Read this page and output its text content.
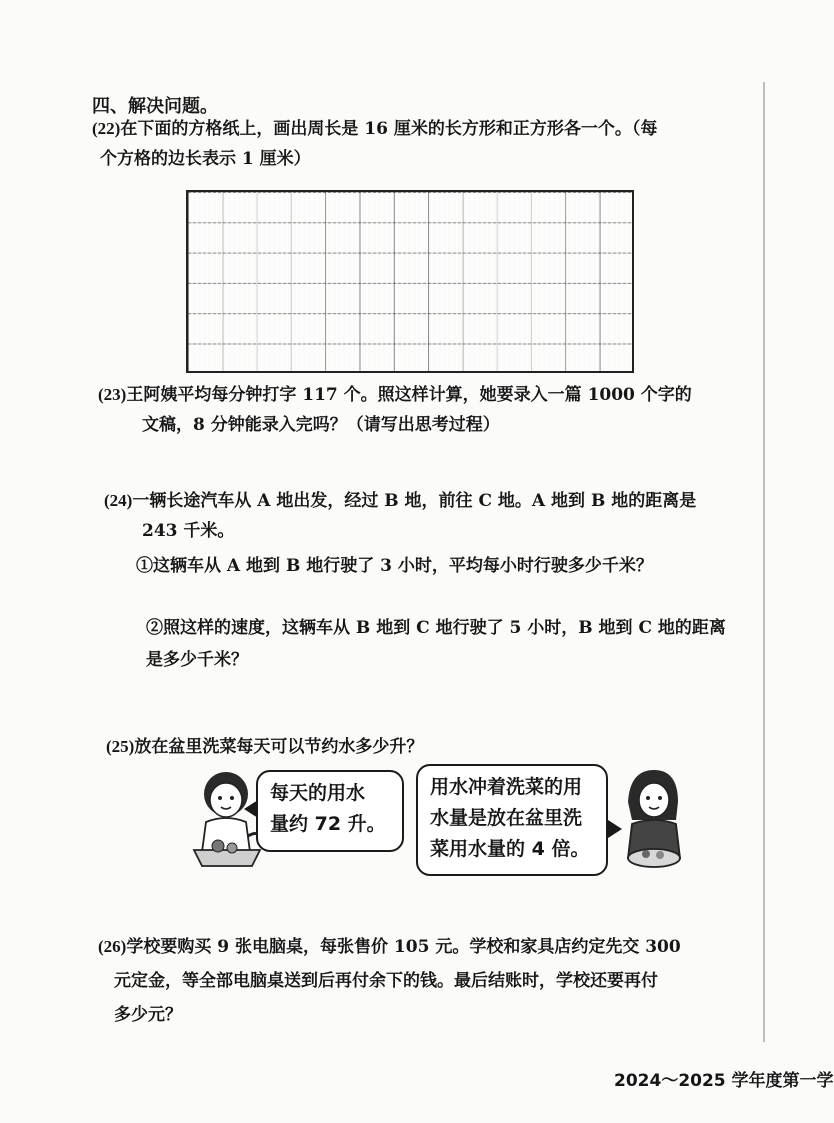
四、解决问题。
(22)在下面的方格纸上，画出周长是 16 厘米的长方形和正方形各一个。（每
个方格的边长表示 1 厘米）
(23)王阿姨平均每分钟打字 117 个。照这样计算，她要录入一篇 1000 个字的
文稿，8 分钟能录入完吗？（请写出思考过程）
(24)一辆长途汽车从 A 地出发，经过 B 地，前往 C 地。A 地到 B 地的距离是
243 千米。
①这辆车从 A 地到 B 地行驶了 3 小时，平均每小时行驶多少千米？
②照这样的速度，这辆车从 B 地到 C 地行驶了 5 小时，B 地到 C 地的距离
是多少千米？
(25)放在盆里洗菜每天可以节约水多少升？
每天的用水
量约 72 升。
用水冲着洗菜的用
水量是放在盆里洗
菜用水量的 4 倍。
(26)学校要购买 9 张电脑桌，每张售价 105 元。学校和家具店约定先交 300
元定金，等全部电脑桌送到后再付余下的钱。最后结账时，学校还要再付
多少元？
2024～2025 学年度第一学
